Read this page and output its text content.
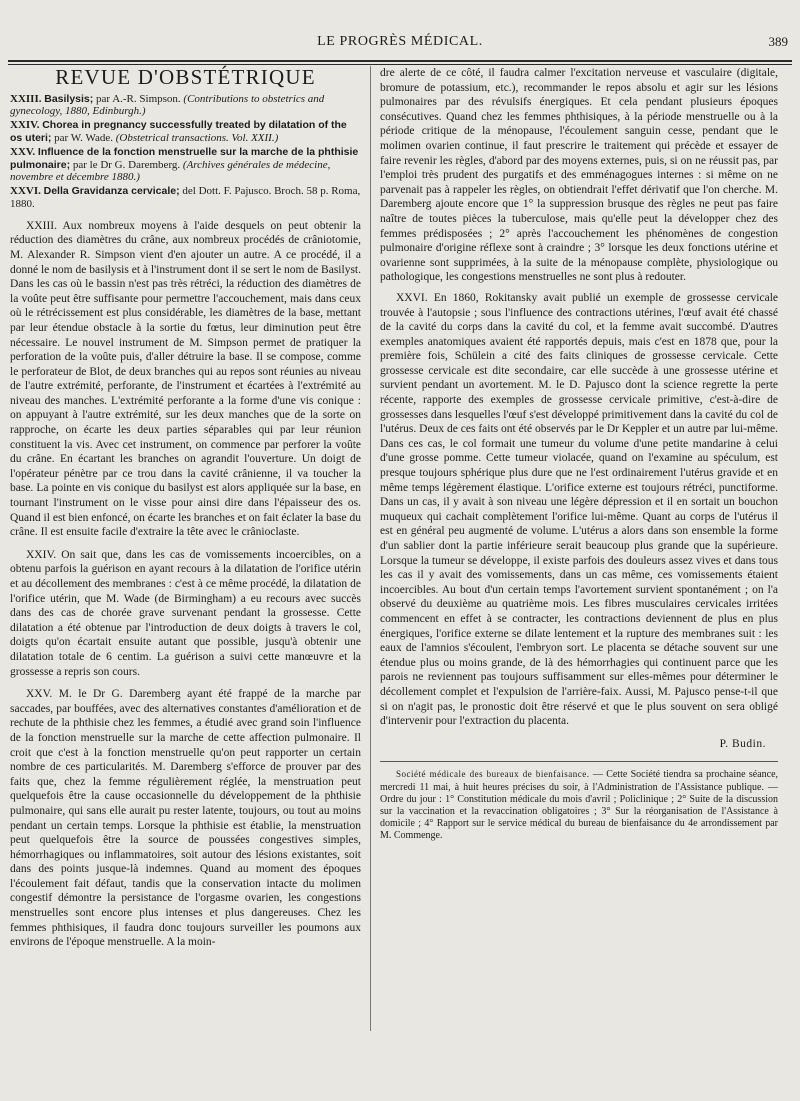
LE PROGRÈS MÉDICAL.	389
REVUE D'OBSTÉTRIQUE
XXIII. Basilysis; par A.-R. Simpson. (Contributions to obstetrics and gynecology, 1880, Edinburgh.)
XXIV. Chorea in pregnancy successfully treated by dilatation of the os uteri; par W. Wade. (Obstetrical transactions. Vol. XXII.)
XXV. Influence de la fonction menstruelle sur la marche de la phthisie pulmonaire; par le Dr G. Daremberg. (Archives générales de médecine, novembre et décembre 1880.)
XXVI. Della Gravidanza cervicale; del Dott. F. Pajusco. Broch. 58 p. Roma, 1880.

XXIII. Aux nombreux moyens à l'aide desquels on peut obtenir la réduction des diamètres du crâne, aux nombreux procédés de crâniotomie, M. Alexander R. Simpson vient d'en ajouter un autre. A ce procédé, il a donné le nom de basilysis et à l'instrument dont il se sert le nom de Basilyst. Dans les cas où le bassin n'est pas très rétréci, la réduction des diamètres de la voûte peut être suffisante pour permettre l'accouchement, mais dans ceux où le rétrécissement est plus considérable, les diamètres de la base, mettant par leur étendue obstacle à la sortie du fœtus, leur diminution peut être nécessaire. Le nouvel instrument de M. Simpson permet de pratiquer la perforation de la voûte puis, d'aller détruire la base. Il se compose, comme le perforateur de Blot, de deux branches qui au repos sont réunies au niveau de l'autre extrémité, perforante, de l'instrument et écartées à l'extrémité au niveau des manches. L'extrémité perforante a la forme d'une vis conique : on appuyant à l'autre extrémité, sur les deux manches que de la sorte on rapproche, on écarte les deux parties séparables qui par leur réunion constituent la vis. Avec cet instrument, on commence par perforer la voûte du crâne. En écartant les branches on agrandit l'ouverture. Un doigt de l'opérateur pénètre par ce trou dans la cavité crânienne, il va toucher la base. La pointe en vis conique du basilyst est alors appliquée sur la base, en tournant l'instrument on le visse pour ainsi dire dans l'épaisseur des os. Quand il est bien enfoncé, on écarte les branches et on fait éclater la base du crâne. Il est ensuite facile d'extraire la tête avec le crânioclaste.

XXIV. On sait que, dans les cas de vomissements incoercibles, on a obtenu parfois la guérison en ayant recours à la dilatation de l'orifice utérin et au décollement des membranes : c'est à ce même procédé, la dilatation de l'orifice utérin, que M. Wade (de Birmingham) a eu recours avec succès dans des cas de chorée grave survenant pendant la grossesse. Cette dilatation a été obtenue par l'introduction de deux doigts à travers le col, doigts qu'on écartait ensuite autant que possible, jusqu'à obtenir une dilatation totale de 6 centim. La guérison a suivi cette manœuvre et la grossesse a repris son cours.

XXV. M. le Dr G. Daremberg ayant été frappé de la marche par saccades, par bouffées, avec des alternatives constantes d'amélioration et de rechute de la phthisie chez les femmes, a étudié avec grand soin l'influence de la fonction menstruelle sur la marche de cette affection pulmonaire. Il croit que c'est à la fonction menstruelle qu'on peut rapporter un certain nombre de ces particularités. M. Daremberg s'efforce de prouver par des faits que, chez la femme régulièrement réglée, la menstruation peut quelquefois être la cause occasionnelle du développement de la phthisie pulmonaire, qui sans elle aurait pu rester latente, toujours, ou tout au moins pendant un certain temps. Lorsque la phthisie est établie, la menstruation peut quelquefois être la source de poussées congestives simples, hémorrhagiques ou inflammatoires, soit autour des lésions existantes, soit dans des points jusque-là indemnes. Quand au moment des époques l'écoulement fait défaut, tandis que la conservation intacte du molimen congestif démontre la persistance de l'orgasme ovarien, les congestions menstruelles sont encore plus intenses et plus dangereuses. Chez les femmes phthisiques, il faudra donc toujours surveiller les poumons aux environs de l'époque menstruelle. A la moin-

dre alerte de ce côté, il faudra calmer l'excitation nerveuse et vasculaire (digitale, bromure de potassium, etc.), recommander le repos absolu et agir sur les lésions pulmonaires par des révulsifs énergiques. Et cela pendant plusieurs époques consécutives. Quand chez les femmes phthisiques, à la période menstruelle ou à la période critique de la ménopause, l'écoulement sanguin cesse, pendant que le molimen ovarien continue, il faut prescrire le traitement qui précède et essayer de faire revenir les règles, d'abord par des moyens externes, puis, si on ne réussit pas, par l'emploi très prudent des purgatifs et des emménagogues internes : si même on ne parvenait pas à rappeler les règles, on obtiendrait l'effet dérivatif que l'on cherche. M. Daremberg ajoute encore que 1° la suppression brusque des règles ne peut pas faire naître de toutes pièces la tuberculose, mais qu'elle peut la développer chez des femmes prédisposées ; 2° après l'accouchement les phénomènes de congestion pulmonaire d'origine réflexe sont à craindre ; 3° lorsque les deux fonctions utérine et ovarienne sont supprimées, à la suite de la ménopause complète, physiologique ou pathologique, les congestions menstruelles ne sont plus à redouter.

XXVI. En 1860, Rokitansky avait publié un exemple de grossesse cervicale trouvée à l'autopsie ; sous l'influence des contractions utérines, l'œuf avait été chassé de la cavité du corps dans la cavité du col, et la femme avait succombé. D'autres exemples anatomiques avaient été rapportés depuis, mais c'est en 1878 que, pour la première fois, Schülein a cité des faits cliniques de grossesse cervicale. Cette grossesse cervicale est dite secondaire, car elle succède à une grossesse utérine et survient pendant un avortement. M. le D. Pajusco dont la science regrette la perte récente, rapporte des exemples de grossesse cervicale primitive, c'est-à-dire de grossesses dans lesquelles l'œuf s'est développé primitivement dans la cavité du col de l'utérus. Deux de ces faits ont été observés par le Dr Keppler et un autre par lui-même. Dans ces cas, le col formait une tumeur du volume d'une petite mandarine à celui d'une grosse pomme. Cette tumeur violacée, quand on l'examine au spéculum, est presque toujours sphérique plus dure que ne l'est ordinairement l'utérus gravide et en même temps légèrement élastique. L'orifice externe est toujours rétréci, punctiforme. Dans un cas, il y avait à son niveau une légère dépression et il en sortait un bouchon muqueux qui cachait complètement l'orifice lui-même. Quant au corps de l'utérus il est en général peu augmenté de volume. L'utérus a alors dans son ensemble la forme d'un sablier dont la partie inférieure serait beaucoup plus grande que la supérieure. Lorsque la tumeur se développe, il existe parfois des douleurs assez vives et dans tous les cas il y avait des vomissements, dans un cas même, ces vomissements étaient incoercibles. Au bout d'un certain temps l'avortement survient spontanément ; on l'a observé du deuxième au quatrième mois. Les fibres musculaires cervicales irritées commencent en effet à se contracter, les contractions deviennent de plus en plus énergiques, l'orifice externe se dilate lentement et la rupture des membranes suit : les eaux de l'amnios s'écoulent, l'embryon sort. Le placenta se détache souvent sur une étendue plus ou moins grande, de là des hémorrhagies qui continuent parce que les parois ne reviennent pas toujours suffisamment sur elles-mêmes pour déterminer le décollement complet et l'expulsion de l'arrière-faix. Aussi, M. Pajusco pense-t-il que si on n'agit pas, le pronostic doit être réservé et que le plus souvent on sera obligé d'intervenir pour l'extraction du placenta.

P. Budin.

Société médicale des bureaux de bienfaisance. — Cette Société tiendra sa prochaine séance, mercredi 11 mai, à huit heures précises du soir, à l'Administration de l'Assistance publique. — Ordre du jour : 1° Constitution médicale du mois d'avril ; Policlinique ; 2° Suite de la discussion sur la vaccination et la revaccination obligatoires ; 3° Sur la réorganisation de l'Assistance à domicile ; 4° Rapport sur le service médical du bureau de bienfaisance du 4e arrondissement par M. Commenge.
